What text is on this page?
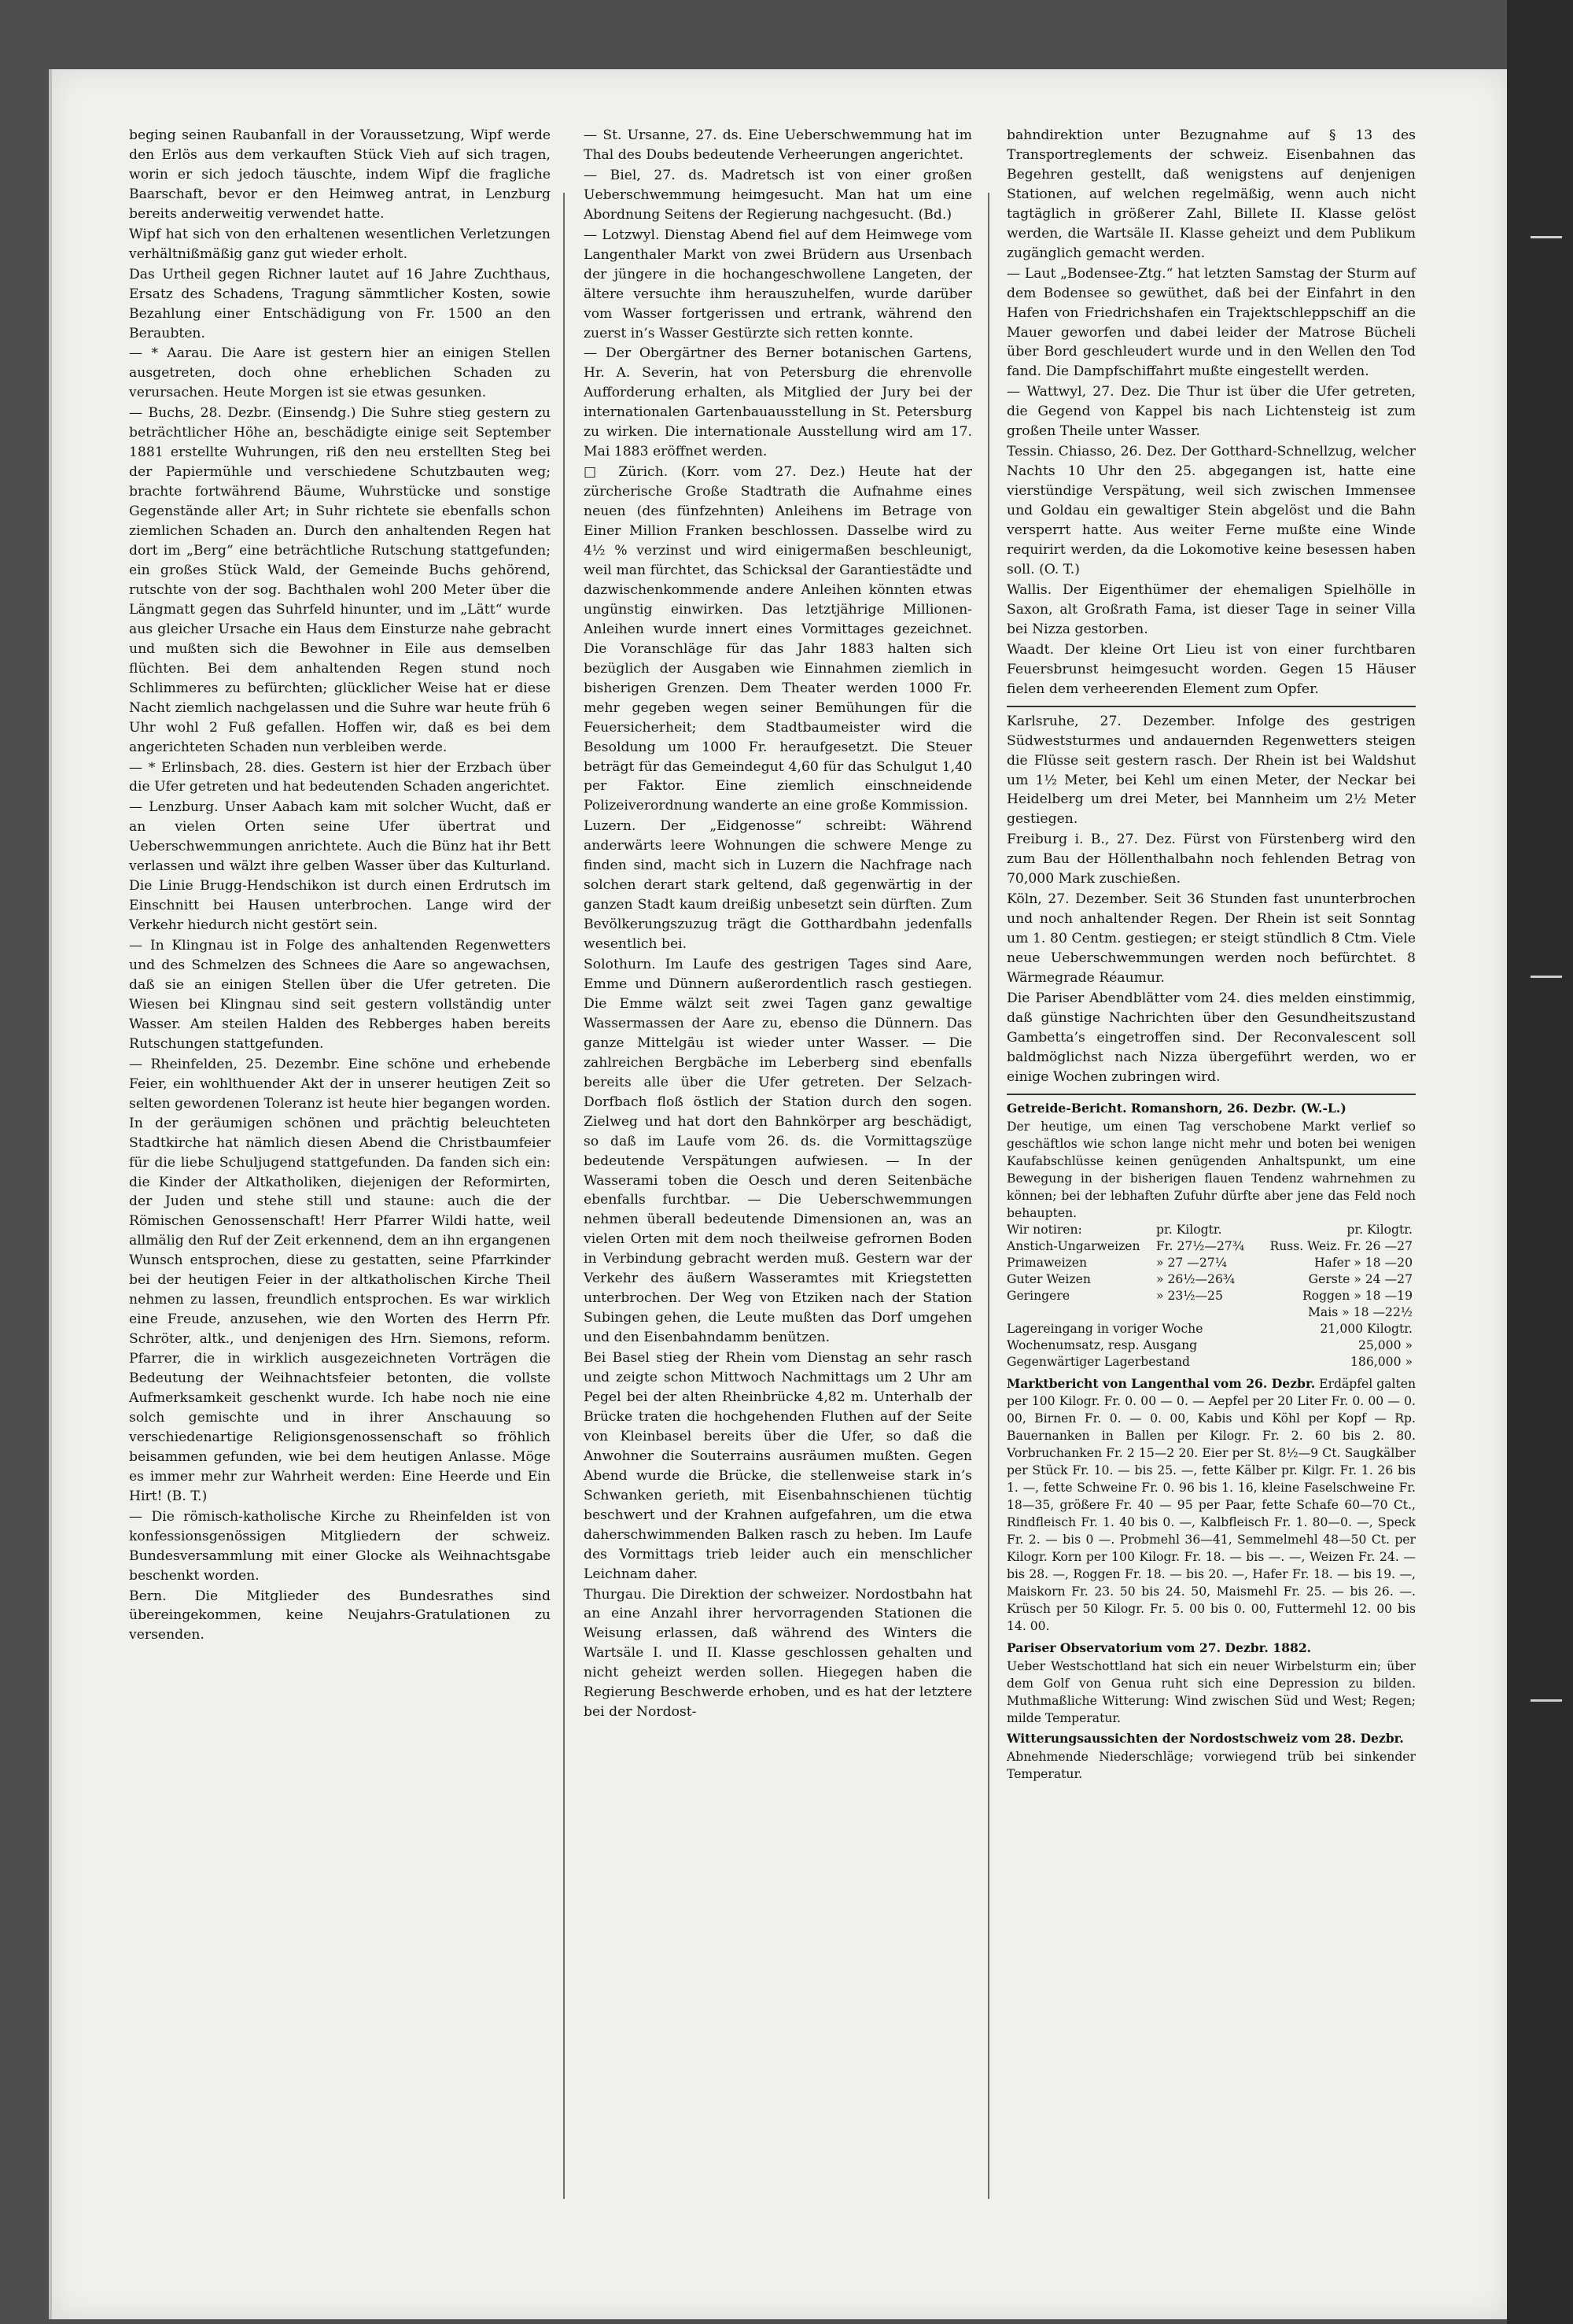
beging seinen Raubanfall in der Voraussetzung, Wipf werde den Erlös aus dem verkauften Stück Vieh auf sich tragen, worin er sich jedoch täuschte, indem Wipf die fragliche Baarschaft, bevor er den Heimweg antrat, in Lenzburg bereits anderweitig verwendet hatte.

Wipf hat sich von den erhaltenen wesentlichen Verletzungen verhältnißmäßig ganz gut wieder erholt.

Das Urtheil gegen Richner lautet auf 16 Jahre Zuchthaus, Ersatz des Schadens, Tragung sämmtlicher Kosten, sowie Bezahlung einer Entschädigung von Fr. 1500 an den Beraubten.

— * Aarau. Die Aare ist gestern hier an einigen Stellen ausgetreten, doch ohne erheblichen Schaden zu verursachen. Heute Morgen ist sie etwas gesunken.

— Buchs, 28. Dezbr. (Einsendg.) Die Suhre stieg gestern zu beträchtlicher Höhe an, beschädigte einige seit September 1881 erstellte Wuhrungen, riß den neu erstellten Steg bei der Papiermühle und verschiedene Schutzbauten weg; brachte fortwährend Bäume, Wuhrstücke und sonstige Gegenstände aller Art; in Suhr richtete sie ebenfalls schon ziemlichen Schaden an. Durch den anhaltenden Regen hat dort im „Berg“ eine beträchtliche Rutschung stattgefunden; ein großes Stück Wald, der Gemeinde Buchs gehörend, rutschte von der sog. Bachthalen wohl 200 Meter über die Längmatt gegen das Suhrfeld hinunter, und im „Lätt“ wurde aus gleicher Ursache ein Haus dem Einsturze nahe gebracht und mußten sich die Bewohner in Eile aus demselben flüchten. Bei dem anhaltenden Regen stund noch Schlimmeres zu befürchten; glücklicher Weise hat er diese Nacht ziemlich nachgelassen und die Suhre war heute früh 6 Uhr wohl 2 Fuß gefallen. Hoffen wir, daß es bei dem angerichteten Schaden nun verbleiben werde.

— * Erlinsbach, 28. dies. Gestern ist hier der Erzbach über die Ufer getreten und hat bedeutenden Schaden angerichtet.

— Lenzburg. Unser Aabach kam mit solcher Wucht, daß er an vielen Orten seine Ufer übertrat und Ueberschwemmungen anrichtete. Auch die Bünz hat ihr Bett verlassen und wälzt ihre gelben Wasser über das Kulturland. Die Linie Brugg-Hendschikon ist durch einen Erdrutsch im Einschnitt bei Hausen unterbrochen. Lange wird der Verkehr hiedurch nicht gestört sein.

— In Klingnau ist in Folge des anhaltenden Regenwetters und des Schmelzen des Schnees die Aare so angewachsen, daß sie an einigen Stellen über die Ufer getreten. Die Wiesen bei Klingnau sind seit gestern vollständig unter Wasser. Am steilen Halden des Rebberges haben bereits Rutschungen stattgefunden.

— Rheinfelden, 25. Dezembr. Eine schöne und erhebende Feier, ein wohlthuender Akt der in unserer heutigen Zeit so selten gewordenen Toleranz ist heute hier begangen worden. In der geräumigen schönen und prächtig beleuchteten Stadtkirche hat nämlich diesen Abend die Christbaumfeier für die liebe Schuljugend stattgefunden. Da fanden sich ein: die Kinder der Altkatholiken, diejenigen der Reformirten, der Juden und stehe still und staune: auch die der Römischen Genossenschaft! Herr Pfarrer Wildi hatte, weil allmälig den Ruf der Zeit erkennend, dem an ihn ergangenen Wunsch entsprochen, diese zu gestatten, seine Pfarrkinder bei der heutigen Feier in der altkatholischen Kirche Theil nehmen zu lassen, freundlich entsprochen. Es war wirklich eine Freude, anzusehen, wie den Worten des Herrn Pfr. Schröter, altk., und denjenigen des Hrn. Siemons, reform. Pfarrer, die in wirklich ausgezeichneten Vorträgen die Bedeutung der Weihnachtsfeier betonten, die vollste Aufmerksamkeit geschenkt wurde. Ich habe noch nie eine solch gemischte und in ihrer Anschauung so verschiedenartige Religionsgenossenschaft so fröhlich beisammen gefunden, wie bei dem heutigen Anlasse. Möge es immer mehr zur Wahrheit werden: Eine Heerde und Ein Hirt! (B. T.)

— Die römisch-katholische Kirche zu Rheinfelden ist von konfessionsgenössigen Mitgliedern der schweiz. Bundesversammlung mit einer Glocke als Weihnachtsgabe beschenkt worden.

Bern. Die Mitglieder des Bundesrathes sind übereingekommen, keine Neujahrs-Gratulationen zu versenden.

— St. Ursanne, 27. ds. Eine Ueberschwemmung hat im Thal des Doubs bedeutende Verheerungen angerichtet.

— Biel, 27. ds. Madretsch ist von einer großen Ueberschwemmung heimgesucht. Man hat um eine Abordnung Seitens der Regierung nachgesucht. (Bd.)

— Lotzwyl. Dienstag Abend fiel auf dem Heimwege vom Langenthaler Markt von zwei Brüdern aus Ursenbach der jüngere in die hochangeschwollene Langeten, der ältere versuchte ihm herauszuhelfen, wurde darüber vom Wasser fortgerissen und ertrank, während den zuerst in’s Wasser Gestürzte sich retten konnte.

— Der Obergärtner des Berner botanischen Gartens, Hr. A. Severin, hat von Petersburg die ehrenvolle Aufforderung erhalten, als Mitglied der Jury bei der internationalen Gartenbauausstellung in St. Petersburg zu wirken. Die internationale Ausstellung wird am 17. Mai 1883 eröffnet werden.

□ Zürich. (Korr. vom 27. Dez.) Heute hat der zürcherische Große Stadtrath die Aufnahme eines neuen (des fünfzehnten) Anleihens im Betrage von Einer Million Franken beschlossen. Dasselbe wird zu 4½ % verzinst und wird einigermaßen beschleunigt, weil man fürchtet, das Schicksal der Garantiestädte und dazwischenkommende andere Anleihen könnten etwas ungünstig einwirken. Das letztjährige Millionen-Anleihen wurde innert eines Vormittages gezeichnet. Die Voranschläge für das Jahr 1883 halten sich bezüglich der Ausgaben wie Einnahmen ziemlich in bisherigen Grenzen. Dem Theater werden 1000 Fr. mehr gegeben wegen seiner Bemühungen für die Feuersicherheit; dem Stadtbaumeister wird die Besoldung um 1000 Fr. heraufgesetzt. Die Steuer beträgt für das Gemeindegut 4,60 für das Schulgut 1,40 per Faktor. Eine ziemlich einschneidende Polizeiverordnung wanderte an eine große Kommission.

Luzern. Der „Eidgenosse“ schreibt: Während anderwärts leere Wohnungen die schwere Menge zu finden sind, macht sich in Luzern die Nachfrage nach solchen derart stark geltend, daß gegenwärtig in der ganzen Stadt kaum dreißig unbesetzt sein dürften. Zum Bevölkerungszuzug trägt die Gotthardbahn jedenfalls wesentlich bei.

Solothurn. Im Laufe des gestrigen Tages sind Aare, Emme und Dünnern außerordentlich rasch gestiegen. Die Emme wälzt seit zwei Tagen ganz gewaltige Wassermassen der Aare zu, ebenso die Dünnern. Das ganze Mittelgäu ist wieder unter Wasser. — Die zahlreichen Bergbäche im Leberberg sind ebenfalls bereits alle über die Ufer getreten. Der Selzach-Dorfbach floß östlich der Station durch den sogen. Zielweg und hat dort den Bahnkörper arg beschädigt, so daß im Laufe vom 26. ds. die Vormittagszüge bedeutende Verspätungen aufwiesen. — In der Wasserami toben die Oesch und deren Seitenbäche ebenfalls furchtbar. — Die Ueberschwemmungen nehmen überall bedeutende Dimensionen an, was an vielen Orten mit dem noch theilweise gefrornen Boden in Verbindung gebracht werden muß. Gestern war der Verkehr des äußern Wasseramtes mit Kriegstetten unterbrochen. Der Weg von Etziken nach der Station Subingen gehen, die Leute mußten das Dorf umgehen und den Eisenbahndamm benützen.

Bei Basel stieg der Rhein vom Dienstag an sehr rasch und zeigte schon Mittwoch Nachmittags um 2 Uhr am Pegel bei der alten Rheinbrücke 4,82 m. Unterhalb der Brücke traten die hochgehenden Fluthen auf der Seite von Kleinbasel bereits über die Ufer, so daß die Anwohner die Souterrains ausräumen mußten. Gegen Abend wurde die Brücke, die stellenweise stark in’s Schwanken gerieth, mit Eisenbahnschienen tüchtig beschwert und der Krahnen aufgefahren, um die etwa daherschwimmenden Balken rasch zu heben. Im Laufe des Vormittags trieb leider auch ein menschlicher Leichnam daher.

Thurgau. Die Direktion der schweizer. Nordostbahn hat an eine Anzahl ihrer hervorragenden Stationen die Weisung erlassen, daß während des Winters die Wartsäle I. und II. Klasse geschlossen gehalten und nicht geheizt werden sollen. Hiegegen haben die Regierung Beschwerde erhoben, und es hat der letztere bei der Nordost-

bahndirektion unter Bezugnahme auf § 13 des Transportreglements der schweiz. Eisenbahnen das Begehren gestellt, daß wenigstens auf denjenigen Stationen, auf welchen regelmäßig, wenn auch nicht tagtäglich in größerer Zahl, Billete II. Klasse gelöst werden, die Wartsäle II. Klasse geheizt und dem Publikum zugänglich gemacht werden.

— Laut „Bodensee-Ztg.“ hat letzten Samstag der Sturm auf dem Bodensee so gewüthet, daß bei der Einfahrt in den Hafen von Friedrichshafen ein Trajektschleppschiff an die Mauer geworfen und dabei leider der Matrose Bücheli über Bord geschleudert wurde und in den Wellen den Tod fand. Die Dampfschiffahrt mußte eingestellt werden.

— Wattwyl, 27. Dez. Die Thur ist über die Ufer getreten, die Gegend von Kappel bis nach Lichtensteig ist zum großen Theile unter Wasser.

Tessin. Chiasso, 26. Dez. Der Gotthard-Schnellzug, welcher Nachts 10 Uhr den 25. abgegangen ist, hatte eine vierstündige Verspätung, weil sich zwischen Immensee und Goldau ein gewaltiger Stein abgelöst und die Bahn versperrt hatte. Aus weiter Ferne mußte eine Winde requirirt werden, da die Lokomotive keine besessen haben soll. (O. T.)

Wallis. Der Eigenthümer der ehemaligen Spielhölle in Saxon, alt Großrath Fama, ist dieser Tage in seiner Villa bei Nizza gestorben.

Waadt. Der kleine Ort Lieu ist von einer furchtbaren Feuersbrunst heimgesucht worden. Gegen 15 Häuser fielen dem verheerenden Element zum Opfer.

Karlsruhe, 27. Dezember. Infolge des gestrigen Südweststurmes und andauernden Regenwetters steigen die Flüsse seit gestern rasch. Der Rhein ist bei Waldshut um 1½ Meter, bei Kehl um einen Meter, der Neckar bei Heidelberg um drei Meter, bei Mannheim um 2½ Meter gestiegen.

Freiburg i. B., 27. Dez. Fürst von Fürstenberg wird den zum Bau der Höllenthalbahn noch fehlenden Betrag von 70,000 Mark zuschießen.

Köln, 27. Dezember. Seit 36 Stunden fast ununterbrochen und noch anhaltender Regen. Der Rhein ist seit Sonntag um 1. 80 Centm. gestiegen; er steigt stündlich 8 Ctm. Viele neue Ueberschwemmungen werden noch befürchtet. 8 Wärmegrade Réaumur.

Die Pariser Abendblätter vom 24. dies melden einstimmig, daß günstige Nachrichten über den Gesundheitszustand Gambetta’s eingetroffen sind. Der Reconvalescent soll baldmöglichst nach Nizza übergeführt werden, wo er einige Wochen zubringen wird.

Getreide-Bericht. Romanshorn, 26. Dezbr. (W.-L.)

Der heutige, um einen Tag verschobene Markt verlief so geschäftlos wie schon lange nicht mehr und boten bei wenigen Kaufabschlüsse keinen genügenden Anhaltspunkt, um eine Bewegung in der bisherigen flauen Tendenz wahrnehmen zu können; bei der lebhaften Zufuhr dürfte aber jene das Feld noch behaupten.

Wir notiren:	pr. Kilogtr.	pr. Kilogtr.
Anstich-Ungarweizen	Fr. 27½—27¾	Russ. Weiz. Fr. 26 —27
Primaweizen	» 27 —27¼	Hafer » 18 —20
Guter Weizen	» 26½—26¾	Gerste » 24 —27
Geringere	» 23½—25	Roggen » 18 —19
		Mais » 18 —22½
Lagereingang in voriger Woche		21,000 Kilogtr.
Wochenumsatz, resp. Ausgang		25,000 »
Gegenwärtiger Lagerbestand		186,000 »

Marktbericht von Langenthal vom 26. Dezbr. Erdäpfel galten per 100 Kilogr. Fr. 0. 00 — 0. — Aepfel per 20 Liter Fr. 0. 00 — 0. 00, Birnen Fr. 0. — 0. 00, Kabis und Köhl per Kopf — Rp. Bauernanken in Ballen per Kilogr. Fr. 2. 60 bis 2. 80. Vorbruchanken Fr. 2 15—2 20. Eier per St. 8½—9 Ct. Saugkälber per Stück Fr. 10. — bis 25. —, fette Kälber pr. Kilgr. Fr. 1. 26 bis 1. —, fette Schweine Fr. 0. 96 bis 1. 16, kleine Faselschweine Fr. 18—35, größere Fr. 40 — 95 per Paar, fette Schafe 60—70 Ct., Rindfleisch Fr. 1. 40 bis 0. —, Kalbfleisch Fr. 1. 80—0. —, Speck Fr. 2. — bis 0 —. Probmehl 36—41, Semmelmehl 48—50 Ct. per Kilogr. Korn per 100 Kilogr. Fr. 18. — bis —. —, Weizen Fr. 24. — bis 28. —, Roggen Fr. 18. — bis 20. —, Hafer Fr. 18. — bis 19. —, Maiskorn Fr. 23. 50 bis 24. 50, Maismehl Fr. 25. — bis 26. —. Krüsch per 50 Kilogr. Fr. 5. 00 bis 0. 00, Futtermehl 12. 00 bis 14. 00.

Pariser Observatorium vom 27. Dezbr. 1882.

Ueber Westschottland hat sich ein neuer Wirbelsturm ein; über dem Golf von Genua ruht sich eine Depression zu bilden. Muthmaßliche Witterung: Wind zwischen Süd und West; Regen; milde Temperatur.

Witterungsaussichten der Nordostschweiz vom 28. Dezbr.

Abnehmende Niederschläge; vorwiegend trüb bei sinkender Temperatur.
